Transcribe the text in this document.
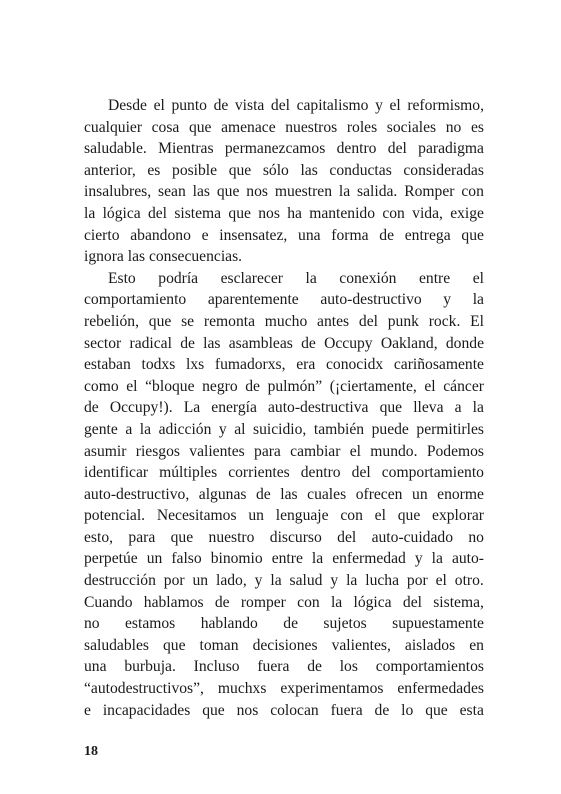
Desde el punto de vista del capitalismo y el reformismo,
cualquier cosa que amenace nuestros roles sociales no es
saludable. Mientras permanezcamos dentro del paradigma
anterior, es posible que sólo las conductas consideradas
insalubres, sean las que nos muestren la salida. Romper con
la lógica del sistema que nos ha mantenido con vida, exige
cierto abandono e insensatez, una forma de entrega que
ignora las consecuencias.
Esto podría esclarecer la conexión entre el
comportamiento aparentemente auto-destructivo y la
rebelión, que se remonta mucho antes del punk rock. El
sector radical de las asambleas de Occupy Oakland, donde
estaban todxs lxs fumadorxs, era conocidx cariñosamente
como el “bloque negro de pulmón” (¡ciertamente, el cáncer
de Occupy!). La energía auto-destructiva que lleva a la
gente a la adicción y al suicidio, también puede permitirles
asumir riesgos valientes para cambiar el mundo. Podemos
identificar múltiples corrientes dentro del comportamiento
auto-destructivo, algunas de las cuales ofrecen un enorme
potencial. Necesitamos un lenguaje con el que explorar
esto, para que nuestro discurso del auto-cuidado no
perpetúe un falso binomio entre la enfermedad y la auto-
destrucción por un lado, y la salud y la lucha por el otro.
Cuando hablamos de romper con la lógica del sistema,
no estamos hablando de sujetos supuestamente
saludables que toman decisiones valientes, aislados en
una burbuja. Incluso fuera de los comportamientos
“autodestructivos”, muchxs experimentamos enfermedades
e incapacidades que nos colocan fuera de lo que esta
18
